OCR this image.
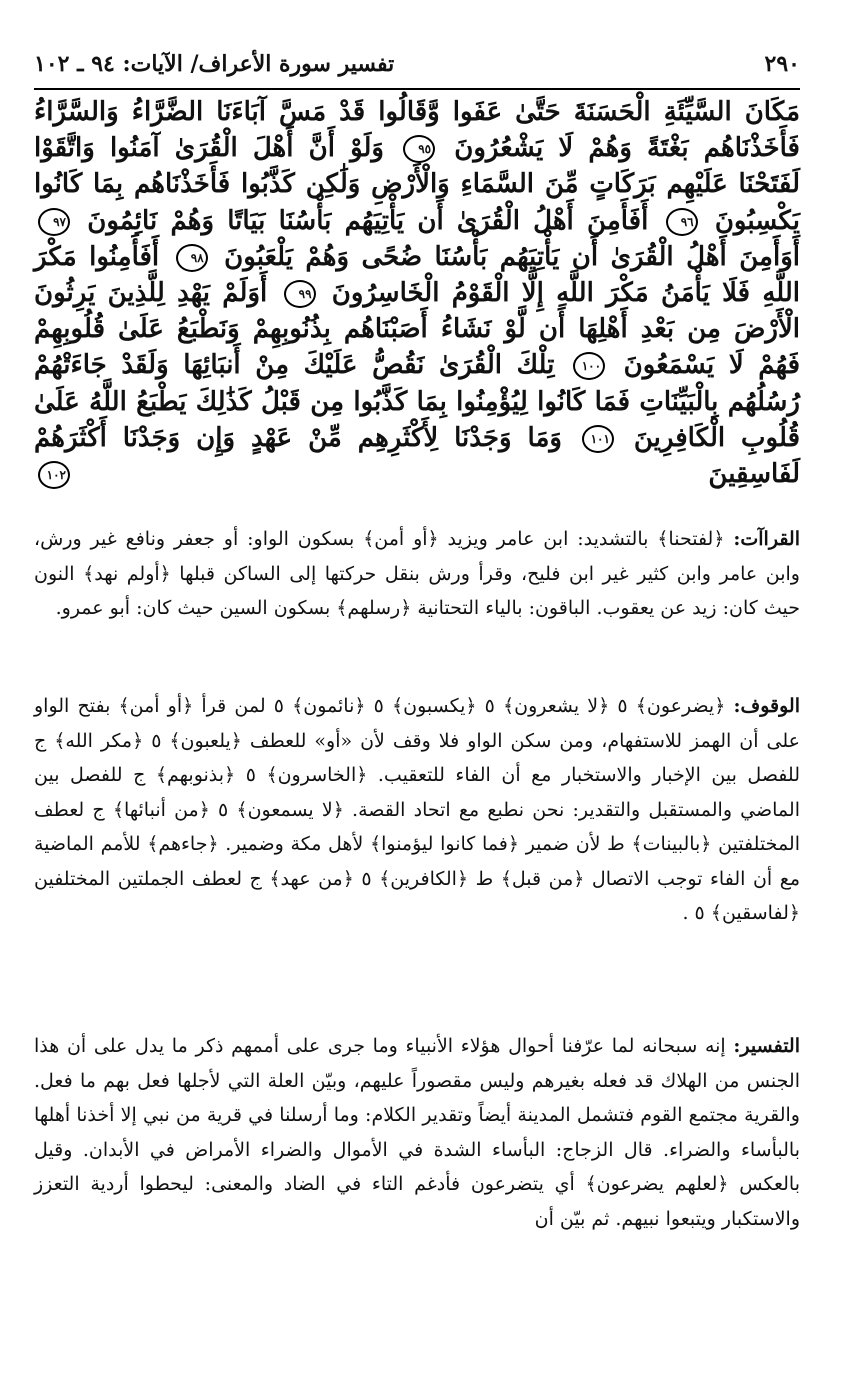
٢٩٠
تفسير سورة الأعراف/ الآيات: ٩٤ ـ ١٠٢
مَكَانَ السَّيِّئَةِ الْحَسَنَةَ حَتَّىٰ عَفَوا وَّقَالُوا قَدْ مَسَّ آبَاءَنَا الضَّرَّاءُ وَالسَّرَّاءُ فَأَخَذْنَاهُم بَغْتَةً وَهُمْ لَا يَشْعُرُونَ ٩٥ وَلَوْ أَنَّ أَهْلَ الْقُرَىٰ آمَنُوا وَاتَّقَوْا لَفَتَحْنَا عَلَيْهِم بَرَكَاتٍ مِّنَ السَّمَاءِ وَالْأَرْضِ وَلَٰكِن كَذَّبُوا فَأَخَذْنَاهُم بِمَا كَانُوا يَكْسِبُونَ ٩٦ أَفَأَمِنَ أَهْلُ الْقُرَىٰ أَن يَأْتِيَهُم بَأْسُنَا بَيَاتًا وَهُمْ نَائِمُونَ ٩٧ أَوَأَمِنَ أَهْلُ الْقُرَىٰ أَن يَأْتِيَهُم بَأْسُنَا ضُحًى وَهُمْ يَلْعَبُونَ ٩٨ أَفَأَمِنُوا مَكْرَ اللَّهِ فَلَا يَأْمَنُ مَكْرَ اللَّهِ إِلَّا الْقَوْمُ الْخَاسِرُونَ ٩٩ أَوَلَمْ يَهْدِ لِلَّذِينَ يَرِثُونَ الْأَرْضَ مِن بَعْدِ أَهْلِهَا أَن لَّوْ نَشَاءُ أَصَبْنَاهُم بِذُنُوبِهِمْ وَنَطْبَعُ عَلَىٰ قُلُوبِهِمْ فَهُمْ لَا يَسْمَعُونَ ١٠٠ تِلْكَ الْقُرَىٰ نَقُصُّ عَلَيْكَ مِنْ أَنبَائِهَا وَلَقَدْ جَاءَتْهُمْ رُسُلُهُم بِالْبَيِّنَاتِ فَمَا كَانُوا لِيُؤْمِنُوا بِمَا كَذَّبُوا مِن قَبْلُ كَذَٰلِكَ يَطْبَعُ اللَّهُ عَلَىٰ قُلُوبِ الْكَافِرِينَ ١٠١ وَمَا وَجَدْنَا لِأَكْثَرِهِم مِّنْ عَهْدٍ وَإِن وَجَدْنَا أَكْثَرَهُمْ لَفَاسِقِينَ ١٠٢

القراآت: ﴿لفتحنا﴾ بالتشديد: ابن عامر ويزيد ﴿أو أمن﴾ بسكون الواو: أو جعفر ونافع غير ورش، وابن عامر وابن كثير غير ابن فليح، وقرأ ورش بنقل حركتها إلى الساكن قبلها ﴿أولم نهد﴾ النون حيث كان: زيد عن يعقوب. الباقون: بالياء التحتانية ﴿رسلهم﴾ بسكون السين حيث كان: أبو عمرو.

الوقوف: ﴿يضرعون﴾ ٥ ﴿لا يشعرون﴾ ٥ ﴿يكسبون﴾ ٥ ﴿نائمون﴾ ٥ لمن قرأ ﴿أو أمن﴾ بفتح الواو على أن الهمز للاستفهام، ومن سكن الواو فلا وقف لأن «أو» للعطف ﴿يلعبون﴾ ٥ ﴿مكر الله﴾ ج للفصل بين الإخبار والاستخبار مع أن الفاء للتعقيب. ﴿الخاسرون﴾ ٥ ﴿بذنوبهم﴾ ج للفصل بين الماضي والمستقبل والتقدير: نحن نطبع مع اتحاد القصة. ﴿لا يسمعون﴾ ٥ ﴿من أنبائها﴾ ج لعطف المختلفتين ﴿بالبينات﴾ ط لأن ضمير ﴿فما كانوا ليؤمنوا﴾ لأهل مكة وضمير. ﴿جاءهم﴾ للأمم الماضية مع أن الفاء توجب الاتصال ﴿من قبل﴾ ط ﴿الكافرين﴾ ٥ ﴿من عهد﴾ ج لعطف الجملتين المختلفين ﴿لفاسقين﴾ ٥ .

التفسير: إنه سبحانه لما عرّفنا أحوال هؤلاء الأنبياء وما جرى على أممهم ذكر ما يدل على أن هذا الجنس من الهلاك قد فعله بغيرهم وليس مقصوراً عليهم، وبيّن العلة التي لأجلها فعل بهم ما فعل. والقرية مجتمع القوم فتشمل المدينة أيضاً وتقدير الكلام: وما أرسلنا في قرية من نبي إلا أخذنا أهلها بالبأساء والضراء. قال الزجاج: البأساء الشدة في الأموال والضراء الأمراض في الأبدان. وقيل بالعكس ﴿لعلهم يضرعون﴾ أي يتضرعون فأدغم التاء في الضاد والمعنى: ليحطوا أردية التعزز والاستكبار ويتبعوا نبيهم. ثم بيّن أن
